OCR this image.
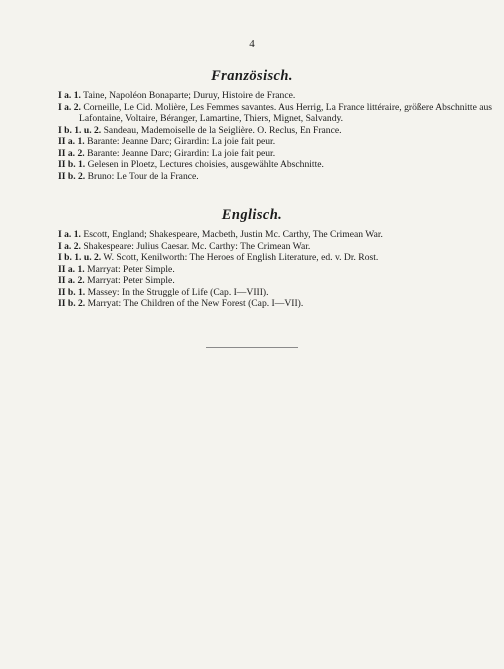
4
Französisch.
I a. 1. Taine, Napoléon Bonaparte; Duruy, Histoire de France.
I a. 2. Corneille, Le Cid. Molière, Les Femmes savantes. Aus Herrig, La France littéraire, größere Abschnitte aus Lafontaine, Voltaire, Béranger, Lamartine, Thiers, Mignet, Salvandy.
I b. 1. u. 2. Sandeau, Mademoiselle de la Seiglière. O. Reclus, En France.
II a. 1. Barante: Jeanne Darc; Girardin: La joie fait peur.
II a. 2. Barante: Jeanne Darc; Girardin: La joie fait peur.
II b. 1. Gelesen in Ploetz, Lectures choisies, ausgewählte Abschnitte.
II b. 2. Bruno: Le Tour de la France.
Englisch.
I a. 1. Escott, England; Shakespeare, Macbeth, Justin Mc. Carthy, The Crimean War.
I a. 2. Shakespeare: Julius Caesar. Mc. Carthy: The Crimean War.
I b. 1. u. 2. W. Scott, Kenilworth: The Heroes of English Literature, ed. v. Dr. Rost.
II a. 1. Marryat: Peter Simple.
II a. 2. Marryat: Peter Simple.
II b. 1. Massey: In the Struggle of Life (Cap. I—VIII).
II b. 2. Marryat: The Children of the New Forest (Cap. I—VII).
